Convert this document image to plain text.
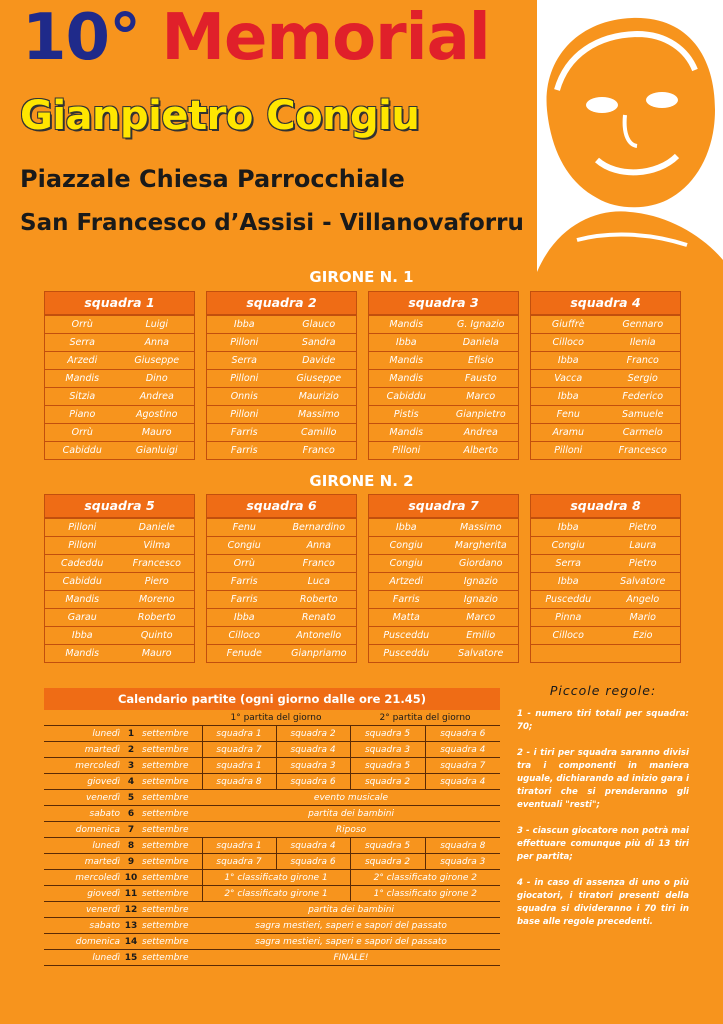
10° Memorial
Gianpietro Congiu
Piazzale Chiesa Parrocchiale
San Francesco d’Assisi - Villanovaforru
GIRONE N. 1
GIRONE N. 2
squadra 1
Orrù	Luigi
Serra	Anna
Arzedi	Giuseppe
Mandis	Dino
Sitzia	Andrea
Piano	Agostino
Orrù	Mauro
Cabiddu	Gianluigi
squadra 2
Ibba	Glauco
Pilloni	Sandra
Serra	Davide
Pilloni	Giuseppe
Onnis	Maurizio
Pilloni	Massimo
Farris	Camillo
Farris	Franco
squadra 3
Mandis	G. Ignazio
Ibba	Daniela
Mandis	Efisio
Mandis	Fausto
Cabiddu	Marco
Pistis	Gianpietro
Mandis	Andrea
Pilloni	Alberto
squadra 4
Giuffrè	Gennaro
Cilloco	Ilenia
Ibba	Franco
Vacca	Sergio
Ibba	Federico
Fenu	Samuele
Aramu	Carmelo
Pilloni	Francesco
squadra 5
Pilloni	Daniele
Pilloni	Vilma
Cadeddu	Francesco
Cabiddu	Piero
Mandis	Moreno
Garau	Roberto
Ibba	Quinto
Mandis	Mauro
squadra 6
Fenu	Bernardino
Congiu	Anna
Orrù	Franco
Farris	Luca
Farris	Roberto
Ibba	Renato
Cilloco	Antonello
Fenude	Gianpriamo
squadra 7
Ibba	Massimo
Congiu	Margherita
Congiu	Giordano
Artzedi	Ignazio
Farris	Ignazio
Matta	Marco
Pusceddu	Emilio
Pusceddu	Salvatore
squadra 8
Ibba	Pietro
Congiu	Laura
Serra	Pietro
Ibba	Salvatore
Pusceddu	Angelo
Pinna	Mario
Cilloco	Ezio
Calendario partite (ogni giorno dalle ore 21.45)
			1° partita del giorno		2° partita del giorno	
lunedì	1	settembre	squadra 1	squadra 2	squadra 5	squadra 6
martedì	2	settembre	squadra 7	squadra 4	squadra 3	squadra 4
mercoledì	3	settembre	squadra 1	squadra 3	squadra 5	squadra 7
giovedì	4	settembre	squadra 8	squadra 6	squadra 2	squadra 4
venerdì	5	settembre	evento musicale			
sabato	6	settembre	partita dei bambini			
domenica	7	settembre	Riposo			
lunedì	8	settembre	squadra 1	squadra 4	squadra 5	squadra 8
martedì	9	settembre	squadra 7	squadra 6	squadra 2	squadra 3
mercoledì	10	settembre	1° classificato girone 1		2° classificato girone 2	
giovedì	11	settembre	2° classificato girone 1		1° classificato girone 2	
venerdì	12	settembre	partita dei bambini			
sabato	13	settembre	sagra mestieri, saperi e sapori del passato			
domenica	14	settembre	sagra mestieri, saperi e sapori del passato			
lunedì	15	settembre	FINALE!			
Piccole regole:

1 - numero tiri totali per squadra: 70;

2 - i tiri per squadra saranno divisi tra i componenti in maniera uguale, dichiarando ad inizio gara i tiratori che si prenderanno gli eventuali "resti";

3 - ciascun giocatore non potrà mai effettuare comunque più di 13 tiri per partita;

4 - in caso di assenza di uno o più giocatori, i tiratori presenti della squadra si divideranno i 70 tiri in base alle regole precedenti.
